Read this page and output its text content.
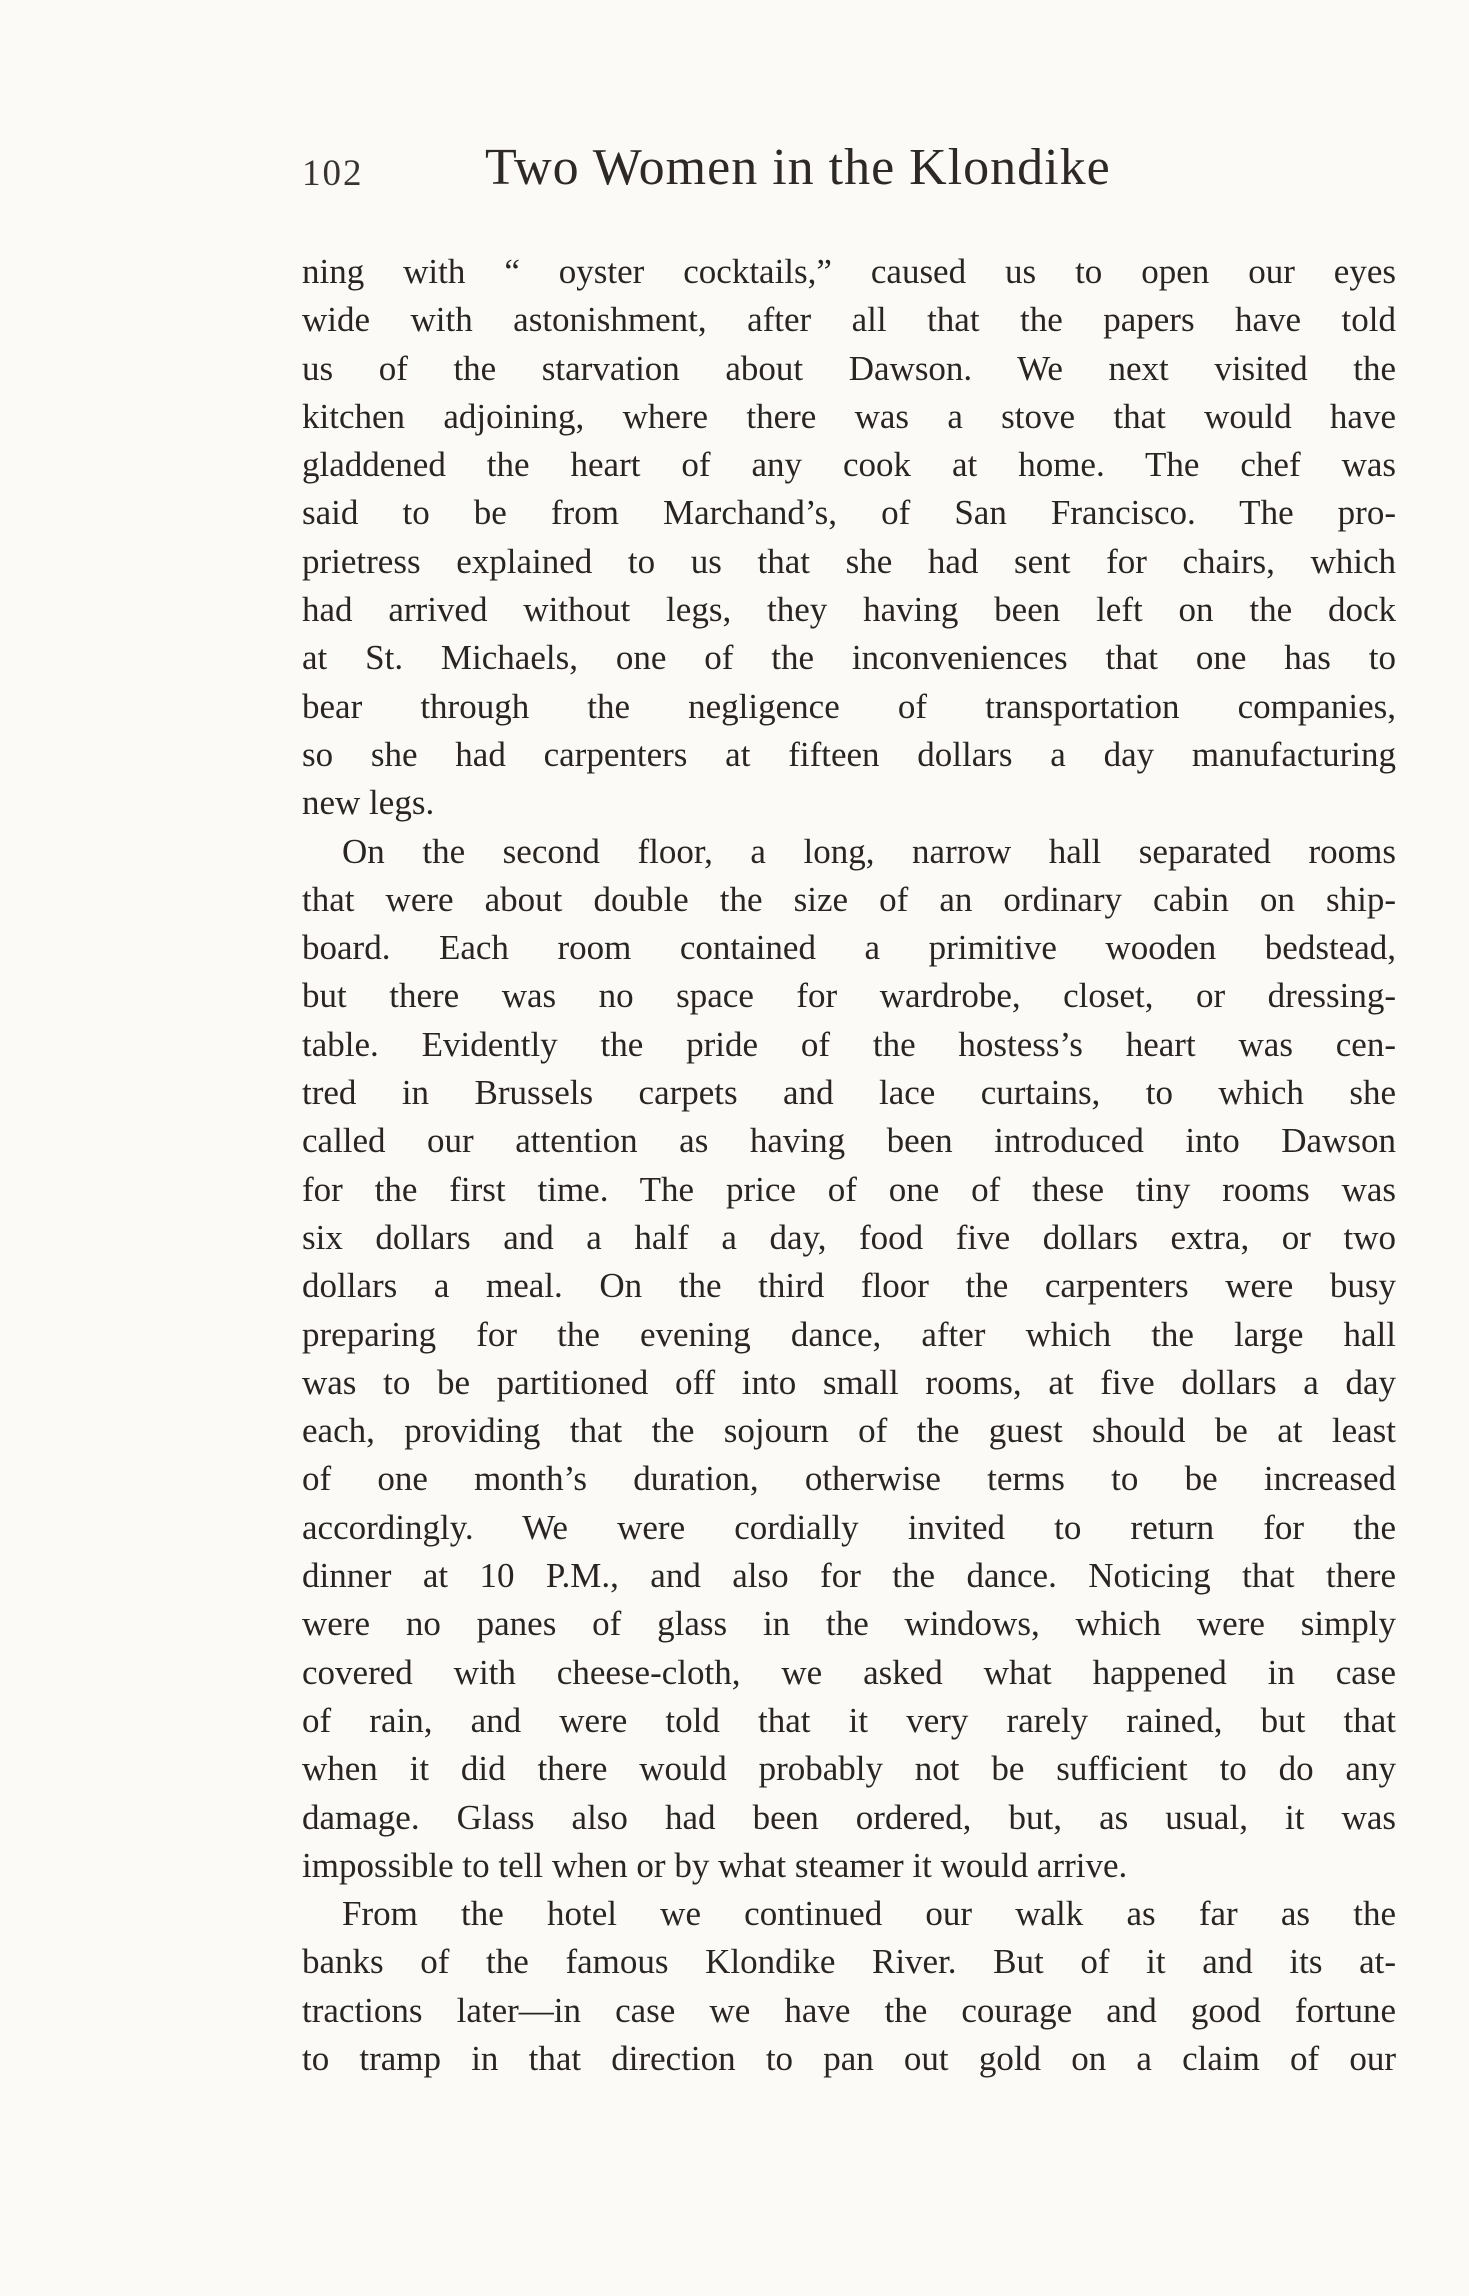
102 Two Women in the Klondike
ning with “ oyster cocktails,” caused us to open our eyes
wide with astonishment, after all that the papers have told
us of the starvation about Dawson. We next visited the
kitchen adjoining, where there was a stove that would have
gladdened the heart of any cook at home. The chef was
said to be from Marchand’s, of San Francisco. The pro-
prietress explained to us that she had sent for chairs, which
had arrived without legs, they having been left on the dock
at St. Michaels, one of the inconveniences that one has to
bear through the negligence of transportation companies,
so she had carpenters at fifteen dollars a day manufacturing
new legs.
On the second floor, a long, narrow hall separated rooms
that were about double the size of an ordinary cabin on ship-
board. Each room contained a primitive wooden bedstead,
but there was no space for wardrobe, closet, or dressing-
table. Evidently the pride of the hostess’s heart was cen-
tred in Brussels carpets and lace curtains, to which she
called our attention as having been introduced into Dawson
for the first time. The price of one of these tiny rooms was
six dollars and a half a day, food five dollars extra, or two
dollars a meal. On the third floor the carpenters were busy
preparing for the evening dance, after which the large hall
was to be partitioned off into small rooms, at five dollars a day
each, providing that the sojourn of the guest should be at least
of one month’s duration, otherwise terms to be increased
accordingly. We were cordially invited to return for the
dinner at 10 P.M., and also for the dance. Noticing that there
were no panes of glass in the windows, which were simply
covered with cheese-cloth, we asked what happened in case
of rain, and were told that it very rarely rained, but that
when it did there would probably not be sufficient to do any
damage. Glass also had been ordered, but, as usual, it was
impossible to tell when or by what steamer it would arrive.
From the hotel we continued our walk as far as the
banks of the famous Klondike River. But of it and its at-
tractions later—in case we have the courage and good fortune
to tramp in that direction to pan out gold on a claim of our
